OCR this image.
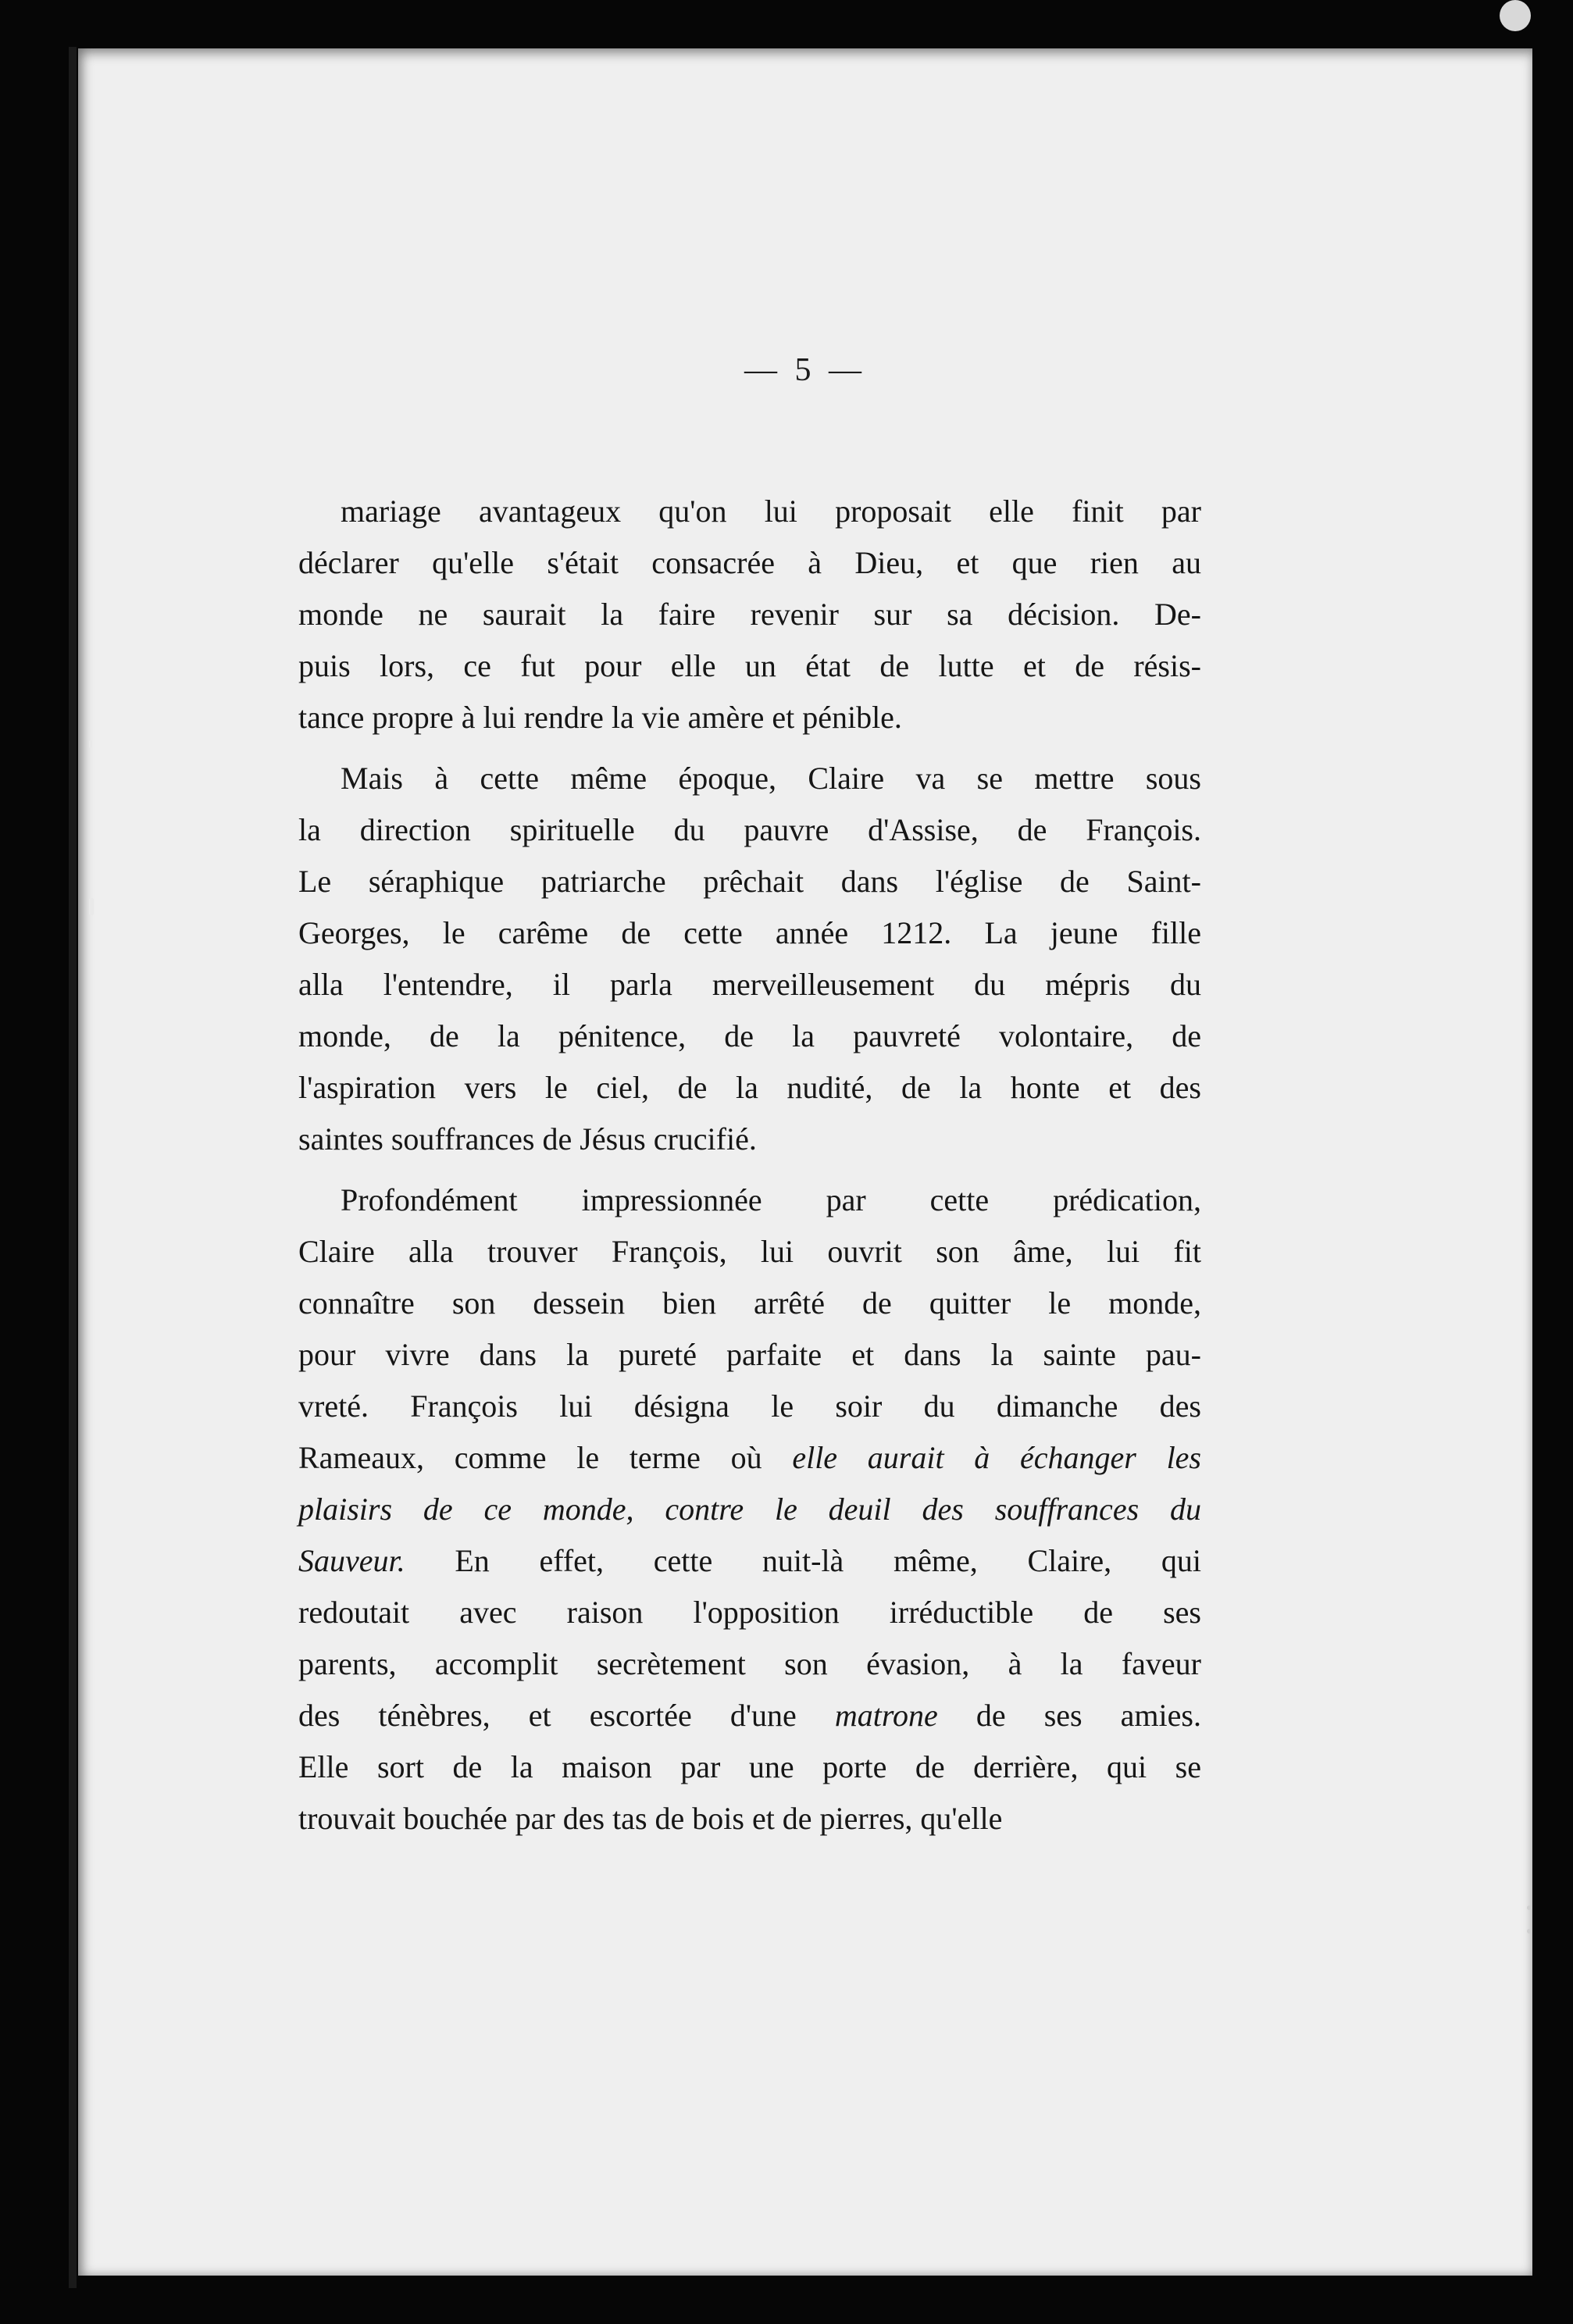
— 5 —
mariage avantageux qu'on lui proposait elle finit par
déclarer qu'elle s'était consacrée à Dieu, et que rien au
monde ne saurait la faire revenir sur sa décision. De-
puis lors, ce fut pour elle un état de lutte et de résis-
tance propre à lui rendre la vie amère et pénible.
Mais à cette même époque, Claire va se mettre sous
la direction spirituelle du pauvre d'Assise, de François.
Le séraphique patriarche prêchait dans l'église de Saint-
Georges, le carême de cette année 1212. La jeune fille
alla l'entendre, il parla merveilleusement du mépris du
monde, de la pénitence, de la pauvreté volontaire, de
l'aspiration vers le ciel, de la nudité, de la honte et des
saintes souffrances de Jésus crucifié.
Profondément impressionnée par cette prédication,
Claire alla trouver François, lui ouvrit son âme, lui fit
connaître son dessein bien arrêté de quitter le monde,
pour vivre dans la pureté parfaite et dans la sainte pau-
vreté. François lui désigna le soir du dimanche des
Rameaux, comme le terme où elle aurait à échanger les
plaisirs de ce monde, contre le deuil des souffrances du
Sauveur. En effet, cette nuit-là même, Claire, qui
redoutait avec raison l'opposition irréductible de ses
parents, accomplit secrètement son évasion, à la faveur
des ténèbres, et escortée d'une matrone de ses amies.
Elle sort de la maison par une porte de derrière, qui se
trouvait bouchée par des tas de bois et de pierres, qu'elle
